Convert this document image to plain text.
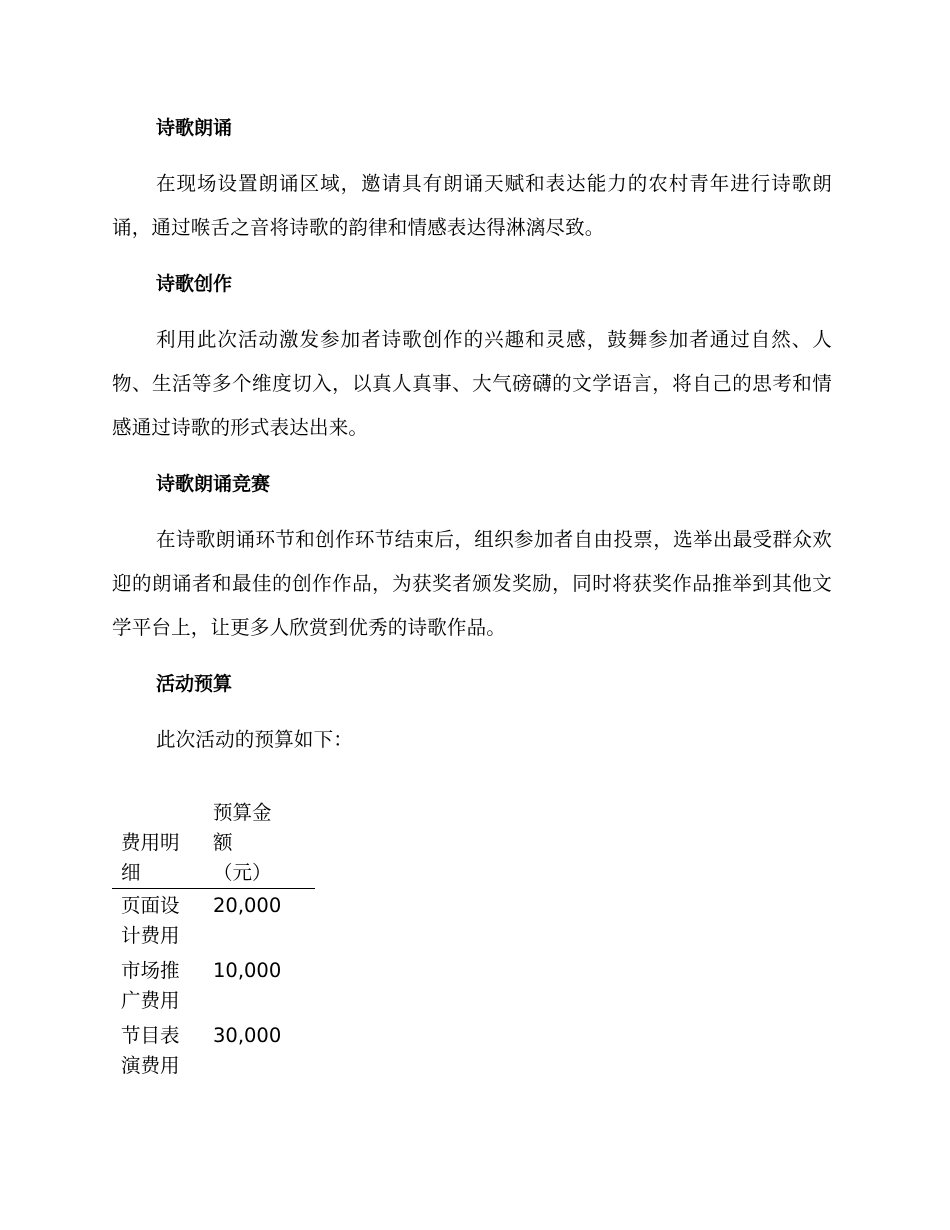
诗歌朗诵

在现场设置朗诵区域，邀请具有朗诵天赋和表达能力的农村青年进行诗歌朗诵，通过喉舌之音将诗歌的韵律和情感表达得淋漓尽致。

诗歌创作

利用此次活动激发参加者诗歌创作的兴趣和灵感，鼓舞参加者通过自然、人物、生活等多个维度切入，以真人真事、大气磅礴的文学语言，将自己的思考和情感通过诗歌的形式表达出来。

诗歌朗诵竞赛

在诗歌朗诵环节和创作环节结束后，组织参加者自由投票，选举出最受群众欢迎的朗诵者和最佳的创作作品，为获奖者颁发奖励，同时将获奖作品推举到其他文学平台上，让更多人欣赏到优秀的诗歌作品。

活动预算

此次活动的预算如下：

费用明细	预算金额（元）

页面设计费用	20,000

市场推广费用	10,000

节目表演费用	30,000
